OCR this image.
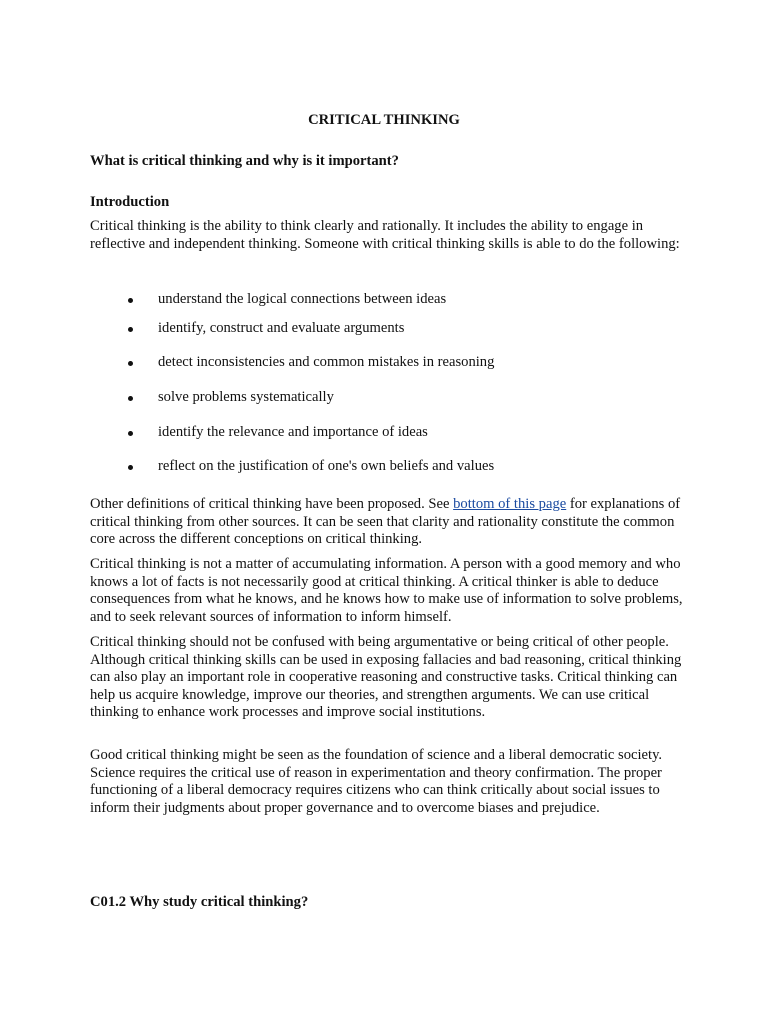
CRITICAL THINKING

What is critical thinking and why is it important?

Introduction

Critical thinking is the ability to think clearly and rationally. It includes the ability to engage in reflective and independent thinking. Someone with critical thinking skills is able to do the following:

understand the logical connections between ideas
identify, construct and evaluate arguments
detect inconsistencies and common mistakes in reasoning
solve problems systematically
identify the relevance and importance of ideas
reflect on the justification of one's own beliefs and values

Other definitions of critical thinking have been proposed. See bottom of this page for explanations of critical thinking from other sources. It can be seen that clarity and rationality constitute the common core across the different conceptions on critical thinking.

Critical thinking is not a matter of accumulating information. A person with a good memory and who knows a lot of facts is not necessarily good at critical thinking. A critical thinker is able to deduce consequences from what he knows, and he knows how to make use of information to solve problems, and to seek relevant sources of information to inform himself.

Critical thinking should not be confused with being argumentative or being critical of other people. Although critical thinking skills can be used in exposing fallacies and bad reasoning, critical thinking can also play an important role in cooperative reasoning and constructive tasks. Critical thinking can help us acquire knowledge, improve our theories, and strengthen arguments. We can use critical thinking to enhance work processes and improve social institutions.

Good critical thinking might be seen as the foundation of science and a liberal democratic society. Science requires the critical use of reason in experimentation and theory confirmation. The proper functioning of a liberal democracy requires citizens who can think critically about social issues to inform their judgments about proper governance and to overcome biases and prejudice.

C01.2 Why study critical thinking?
